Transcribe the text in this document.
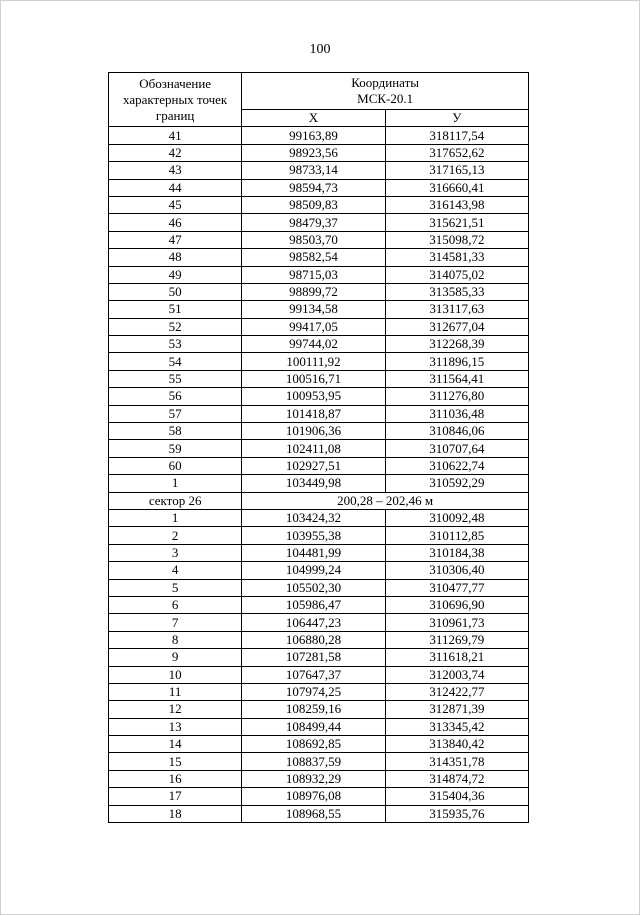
100
Обозначение
характерных точек
границ	Координаты
МСК-20.1	
	Х	У
41	99163,89	318117,54
42	98923,56	317652,62
43	98733,14	317165,13
44	98594,73	316660,41
45	98509,83	316143,98
46	98479,37	315621,51
47	98503,70	315098,72
48	98582,54	314581,33
49	98715,03	314075,02
50	98899,72	313585,33
51	99134,58	313117,63
52	99417,05	312677,04
53	99744,02	312268,39
54	100111,92	311896,15
55	100516,71	311564,41
56	100953,95	311276,80
57	101418,87	311036,48
58	101906,36	310846,06
59	102411,08	310707,64
60	102927,51	310622,74
1	103449,98	310592,29
сектор 26	200,28 – 202,46 м	
1	103424,32	310092,48
2	103955,38	310112,85
3	104481,99	310184,38
4	104999,24	310306,40
5	105502,30	310477,77
6	105986,47	310696,90
7	106447,23	310961,73
8	106880,28	311269,79
9	107281,58	311618,21
10	107647,37	312003,74
11	107974,25	312422,77
12	108259,16	312871,39
13	108499,44	313345,42
14	108692,85	313840,42
15	108837,59	314351,78
16	108932,29	314874,72
17	108976,08	315404,36
18	108968,55	315935,76
